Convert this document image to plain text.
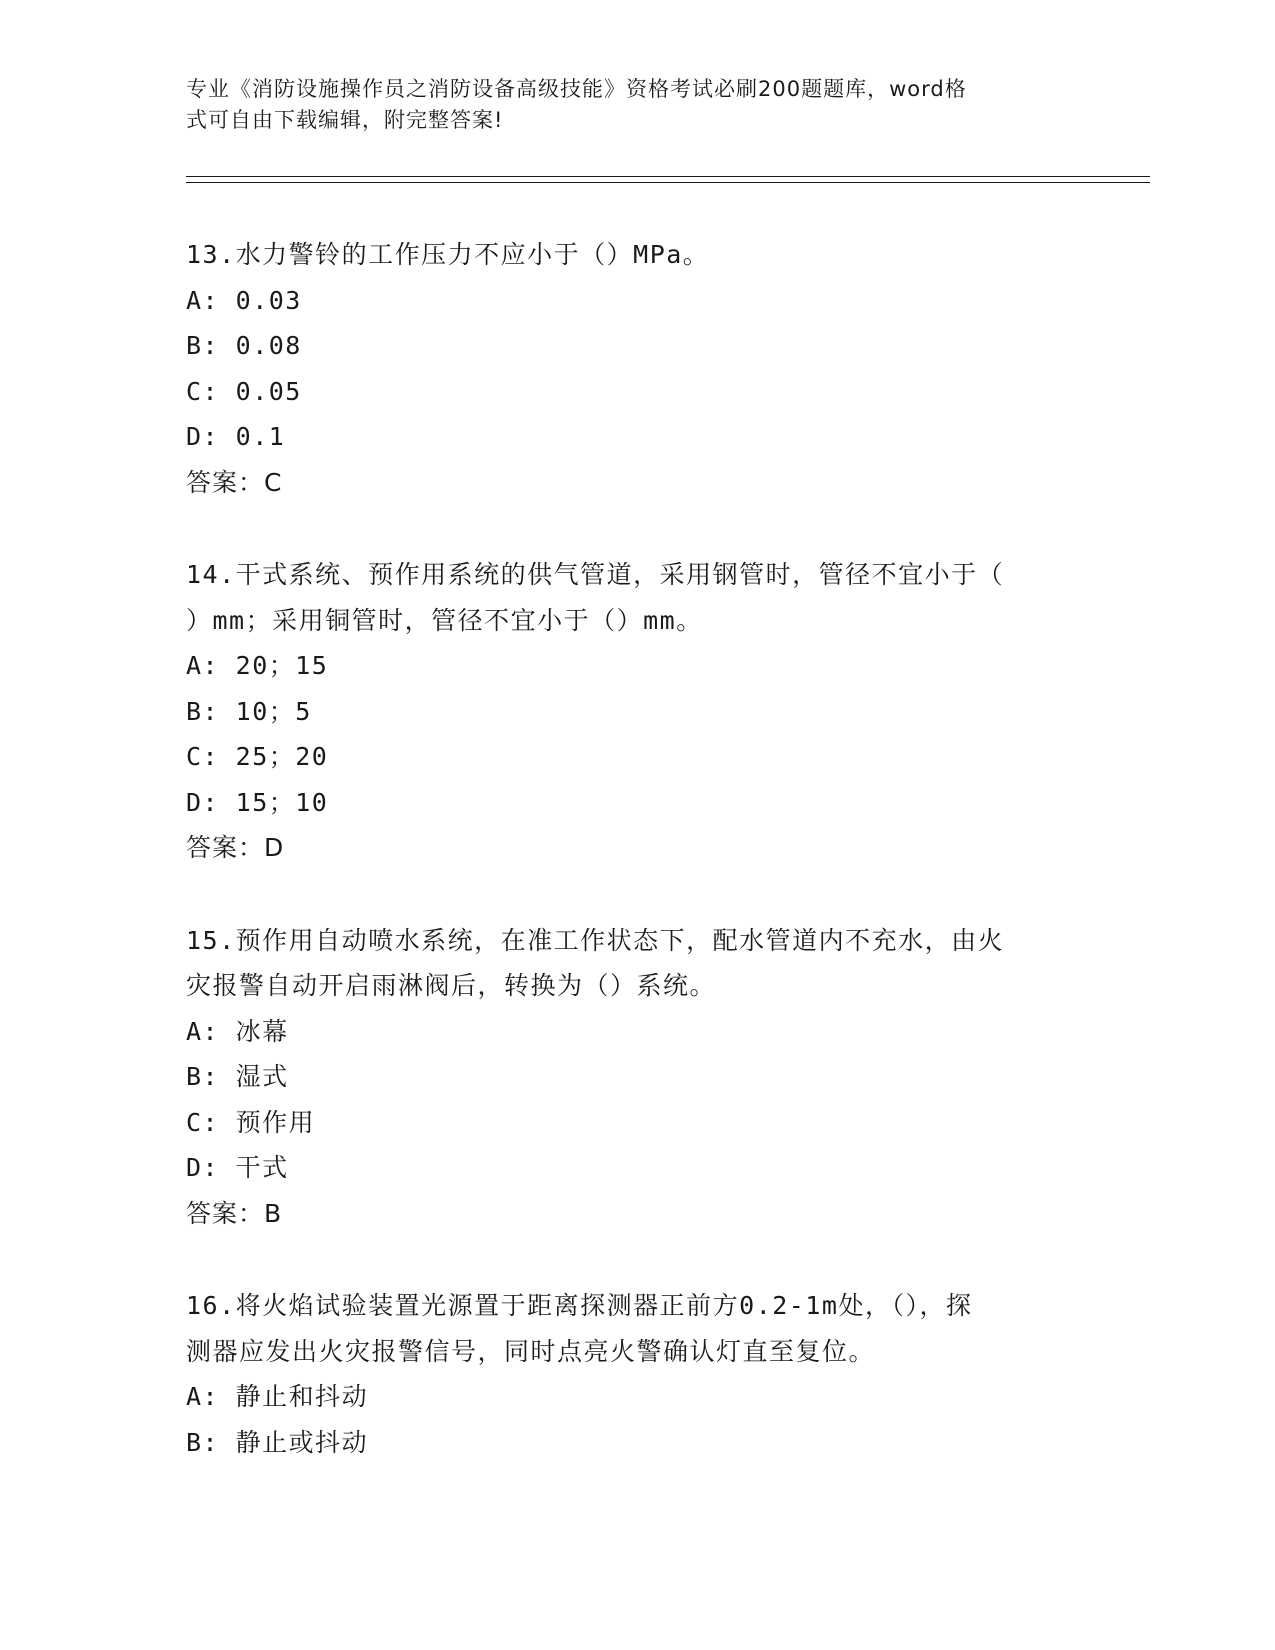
专业《消防设施操作员之消防设备高级技能》资格考试必刷200题题库，word格
式可自由下载编辑，附完整答案!
13.水力警铃的工作压力不应小于（）MPa。
A: 0.03
B: 0.08
C: 0.05
D: 0.1
答案：C
14.干式系统、预作用系统的供气管道，采用钢管时，管径不宜小于（
）mm；采用铜管时，管径不宜小于（）mm。
A: 20；15
B: 10；5
C: 25；20
D: 15；10
答案：D
15.预作用自动喷水系统，在准工作状态下，配水管道内不充水，由火
灾报警自动开启雨淋阀后，转换为（）系统。
A: 冰幕
B: 湿式
C: 预作用
D: 干式
答案：B
16.将火焰试验装置光源置于距离探测器正前方0.2-1m处，（），探
测器应发出火灾报警信号，同时点亮火警确认灯直至复位。
A: 静止和抖动
B: 静止或抖动
